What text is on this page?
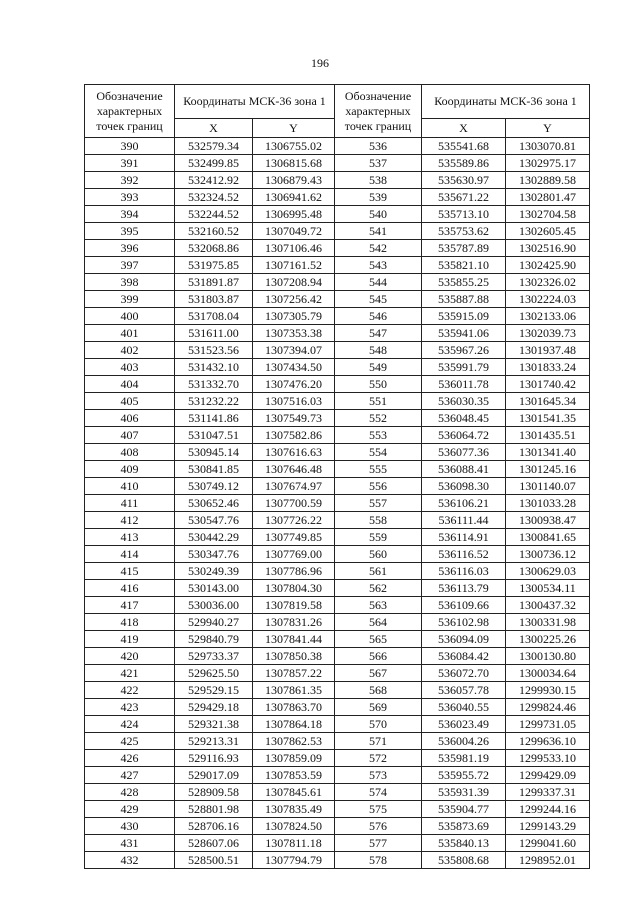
196
Обозначение характерных точек границ	Координаты МСК-36 зона 1		Обозначение характерных точек границ	Координаты МСК-36 зона 1	
	X	Y		X	Y
390	532579.34	1306755.02	536	535541.68	1303070.81
391	532499.85	1306815.68	537	535589.86	1302975.17
392	532412.92	1306879.43	538	535630.97	1302889.58
393	532324.52	1306941.62	539	535671.22	1302801.47
394	532244.52	1306995.48	540	535713.10	1302704.58
395	532160.52	1307049.72	541	535753.62	1302605.45
396	532068.86	1307106.46	542	535787.89	1302516.90
397	531975.85	1307161.52	543	535821.10	1302425.90
398	531891.87	1307208.94	544	535855.25	1302326.02
399	531803.87	1307256.42	545	535887.88	1302224.03
400	531708.04	1307305.79	546	535915.09	1302133.06
401	531611.00	1307353.38	547	535941.06	1302039.73
402	531523.56	1307394.07	548	535967.26	1301937.48
403	531432.10	1307434.50	549	535991.79	1301833.24
404	531332.70	1307476.20	550	536011.78	1301740.42
405	531232.22	1307516.03	551	536030.35	1301645.34
406	531141.86	1307549.73	552	536048.45	1301541.35
407	531047.51	1307582.86	553	536064.72	1301435.51
408	530945.14	1307616.63	554	536077.36	1301341.40
409	530841.85	1307646.48	555	536088.41	1301245.16
410	530749.12	1307674.97	556	536098.30	1301140.07
411	530652.46	1307700.59	557	536106.21	1301033.28
412	530547.76	1307726.22	558	536111.44	1300938.47
413	530442.29	1307749.85	559	536114.91	1300841.65
414	530347.76	1307769.00	560	536116.52	1300736.12
415	530249.39	1307786.96	561	536116.03	1300629.03
416	530143.00	1307804.30	562	536113.79	1300534.11
417	530036.00	1307819.58	563	536109.66	1300437.32
418	529940.27	1307831.26	564	536102.98	1300331.98
419	529840.79	1307841.44	565	536094.09	1300225.26
420	529733.37	1307850.38	566	536084.42	1300130.80
421	529625.50	1307857.22	567	536072.70	1300034.64
422	529529.15	1307861.35	568	536057.78	1299930.15
423	529429.18	1307863.70	569	536040.55	1299824.46
424	529321.38	1307864.18	570	536023.49	1299731.05
425	529213.31	1307862.53	571	536004.26	1299636.10
426	529116.93	1307859.09	572	535981.19	1299533.10
427	529017.09	1307853.59	573	535955.72	1299429.09
428	528909.58	1307845.61	574	535931.39	1299337.31
429	528801.98	1307835.49	575	535904.77	1299244.16
430	528706.16	1307824.50	576	535873.69	1299143.29
431	528607.06	1307811.18	577	535840.13	1299041.60
432	528500.51	1307794.79	578	535808.68	1298952.01
